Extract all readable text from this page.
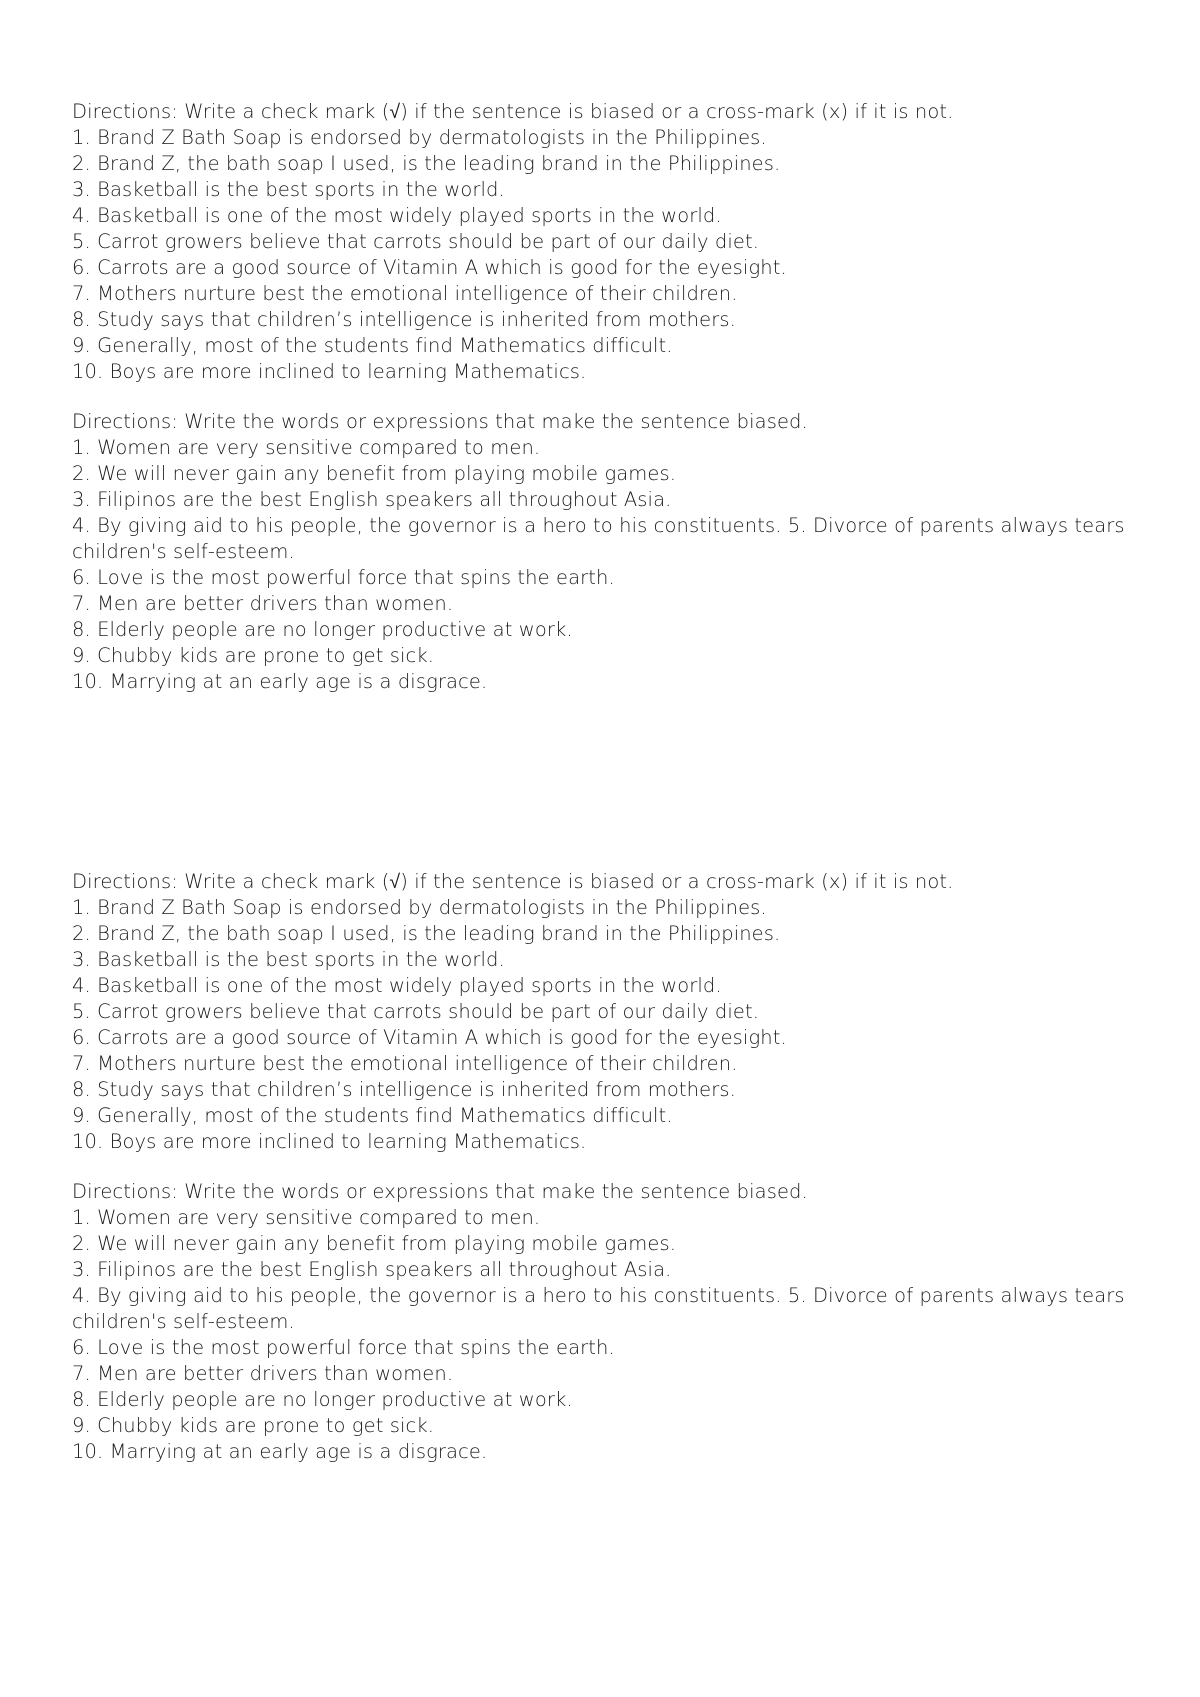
Directions: Write a check mark (√) if the sentence is biased or a cross-mark (x) if it is not.

1. Brand Z Bath Soap is endorsed by dermatologists in the Philippines.

2. Brand Z, the bath soap I used, is the leading brand in the Philippines.

3. Basketball is the best sports in the world.

4. Basketball is one of the most widely played sports in the world.

5. Carrot growers believe that carrots should be part of our daily diet.

6. Carrots are a good source of Vitamin A which is good for the eyesight.

7. Mothers nurture best the emotional intelligence of their children.

8. Study says that children’s intelligence is inherited from mothers.

9. Generally, most of the students find Mathematics difficult.

10. Boys are more inclined to learning Mathematics.

Directions: Write the words or expressions that make the sentence biased.

1. Women are very sensitive compared to men.

2. We will never gain any benefit from playing mobile games.

3. Filipinos are the best English speakers all throughout Asia.

4. By giving aid to his people, the governor is a hero to his constituents. 5. Divorce of parents always tears children's self-esteem.

6. Love is the most powerful force that spins the earth.

7. Men are better drivers than women.

8. Elderly people are no longer productive at work.

9. Chubby kids are prone to get sick.

10. Marrying at an early age is a disgrace.

Directions: Write a check mark (√) if the sentence is biased or a cross-mark (x) if it is not.

1. Brand Z Bath Soap is endorsed by dermatologists in the Philippines.

2. Brand Z, the bath soap I used, is the leading brand in the Philippines.

3. Basketball is the best sports in the world.

4. Basketball is one of the most widely played sports in the world.

5. Carrot growers believe that carrots should be part of our daily diet.

6. Carrots are a good source of Vitamin A which is good for the eyesight.

7. Mothers nurture best the emotional intelligence of their children.

8. Study says that children’s intelligence is inherited from mothers.

9. Generally, most of the students find Mathematics difficult.

10. Boys are more inclined to learning Mathematics.

Directions: Write the words or expressions that make the sentence biased.

1. Women are very sensitive compared to men.

2. We will never gain any benefit from playing mobile games.

3. Filipinos are the best English speakers all throughout Asia.

4. By giving aid to his people, the governor is a hero to his constituents. 5. Divorce of parents always tears children's self-esteem.

6. Love is the most powerful force that spins the earth.

7. Men are better drivers than women.

8. Elderly people are no longer productive at work.

9. Chubby kids are prone to get sick.

10. Marrying at an early age is a disgrace.
